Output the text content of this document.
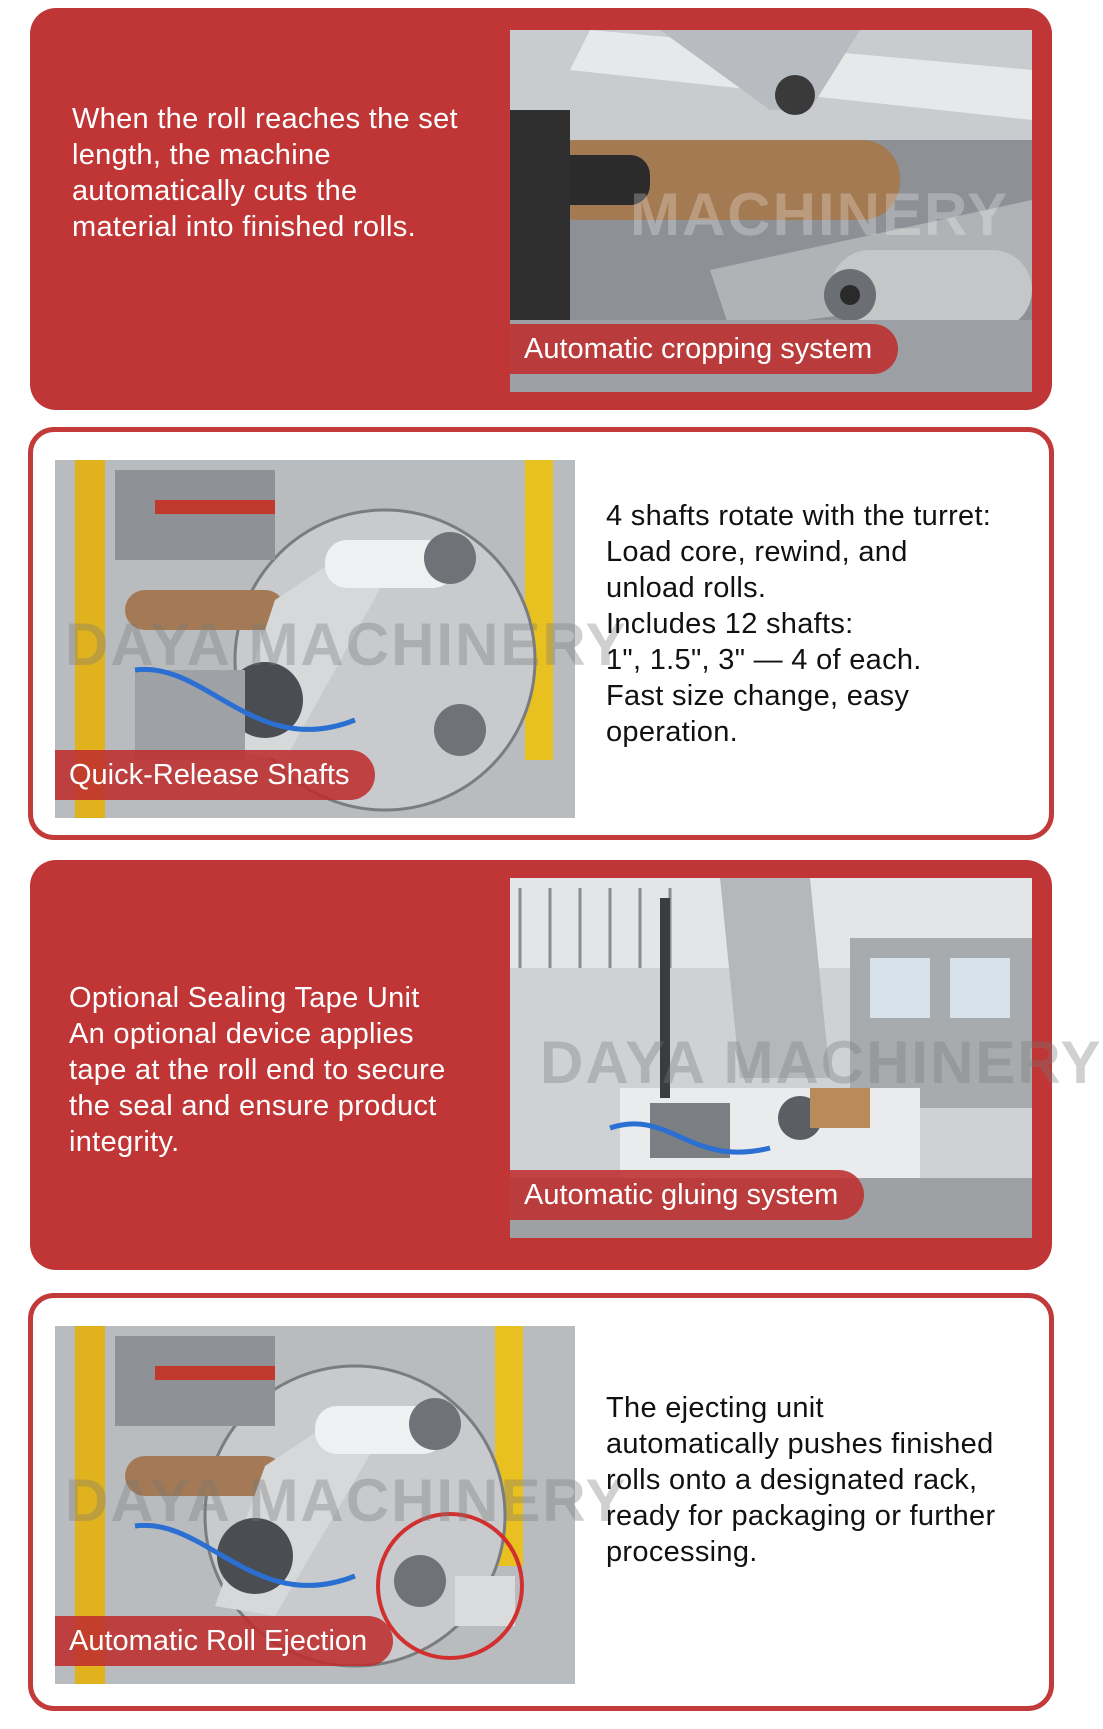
When the roll reaches the set
length, the machine
automatically cuts the
material into finished rolls.	MACHINERY
Automatic cropping system
DAYA MACHINERY
Quick-Release Shafts
4 shafts rotate with the turret:
Load core, rewind, and
unload rolls.
Includes 12 shafts:
1", 1.5", 3" — 4 of each.
Fast size change, easy
operation.
Optional Sealing Tape Unit
An optional device applies
tape at the roll end to secure
the seal and ensure product
integrity.
DAYA MACHINERY
Automatic gluing system
DAYA MACHINERY
Automatic Roll Ejection
The ejecting unit
automatically pushes finished
rolls onto a designated rack,
ready for packaging or further
processing.
